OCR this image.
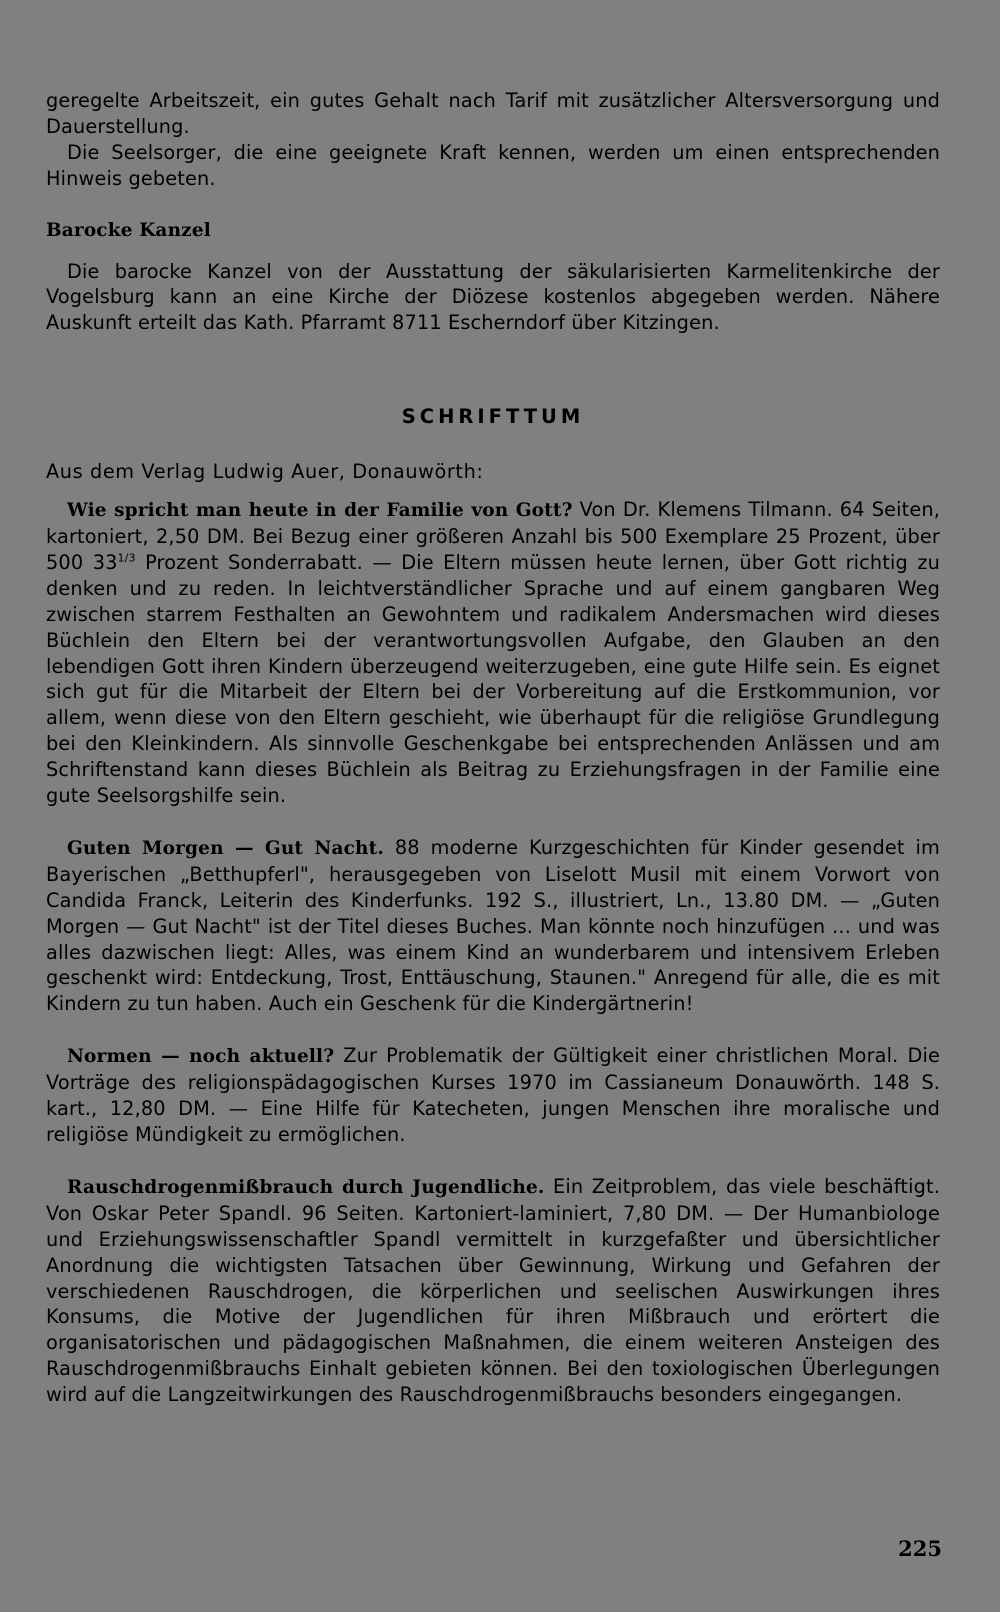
geregelte Arbeitszeit, ein gutes Gehalt nach Tarif mit zusätzlicher Altersversorgung und Dauerstellung.

Die Seelsorger, die eine geeignete Kraft kennen, werden um einen entsprechenden Hinweis gebeten.

Barocke Kanzel

Die barocke Kanzel von der Ausstattung der säkularisierten Karmelitenkirche der Vogelsburg kann an eine Kirche der Diözese kostenlos abgegeben werden. Nähere Auskunft erteilt das Kath. Pfarramt 8711 Escherndorf über Kitzingen.

SCHRIFTTUM

Aus dem Verlag Ludwig Auer, Donauwörth:

Wie spricht man heute in der Familie von Gott? Von Dr. Klemens Tilmann. 64 Seiten, kartoniert, 2,50 DM. Bei Bezug einer größeren Anzahl bis 500 Exemplare 25 Prozent, über 500 $33^{1/3}$ Prozent Sonderrabatt. — Die Eltern müssen heute lernen, über Gott richtig zu denken und zu reden. In leichtverständlicher Sprache und auf einem gangbaren Weg zwischen starrem Festhalten an Gewohntem und radikalem Andersmachen wird dieses Büchlein den Eltern bei der verantwortungsvollen Aufgabe, den Glauben an den lebendigen Gott ihren Kindern überzeugend weiterzugeben, eine gute Hilfe sein. Es eignet sich gut für die Mitarbeit der Eltern bei der Vorbereitung auf die Erstkommunion, vor allem, wenn diese von den Eltern geschieht, wie überhaupt für die religiöse Grundlegung bei den Kleinkindern. Als sinnvolle Geschenkgabe bei entsprechenden Anlässen und am Schriftenstand kann dieses Büchlein als Beitrag zu Erziehungsfragen in der Familie eine gute Seelsorgshilfe sein.

Guten Morgen — Gut Nacht. 88 moderne Kurzgeschichten für Kinder gesendet im Bayerischen „Betthupferl", herausgegeben von Liselott Musil mit einem Vorwort von Candida Franck, Leiterin des Kinderfunks. 192 S., illustriert, Ln., 13.80 DM. — „Guten Morgen — Gut Nacht" ist der Titel dieses Buches. Man könnte noch hinzufügen ... und was alles dazwischen liegt: Alles, was einem Kind an wunderbarem und intensivem Erleben geschenkt wird: Entdeckung, Trost, Enttäuschung, Staunen." Anregend für alle, die es mit Kindern zu tun haben. Auch ein Geschenk für die Kindergärtnerin!

Normen — noch aktuell? Zur Problematik der Gültigkeit einer christlichen Moral. Die Vorträge des religionspädagogischen Kurses 1970 im Cassianeum Donauwörth. 148 S. kart., 12,80 DM. — Eine Hilfe für Katecheten, jungen Menschen ihre moralische und religiöse Mündigkeit zu ermöglichen.

Rauschdrogenmißbrauch durch Jugendliche. Ein Zeitproblem, das viele beschäftigt. Von Oskar Peter Spandl. 96 Seiten. Kartoniert-laminiert, 7,80 DM. — Der Humanbiologe und Erziehungswissenschaftler Spandl vermittelt in kurzgefaßter und übersichtlicher Anordnung die wichtigsten Tatsachen über Gewinnung, Wirkung und Gefahren der verschiedenen Rauschdrogen, die körperlichen und seelischen Auswirkungen ihres Konsums, die Motive der Jugendlichen für ihren Mißbrauch und erörtert die organisatorischen und pädagogischen Maßnahmen, die einem weiteren Ansteigen des Rauschdrogenmißbrauchs Einhalt gebieten können. Bei den toxiologischen Überlegungen wird auf die Langzeitwirkungen des Rauschdrogenmißbrauchs besonders eingegangen.

225
